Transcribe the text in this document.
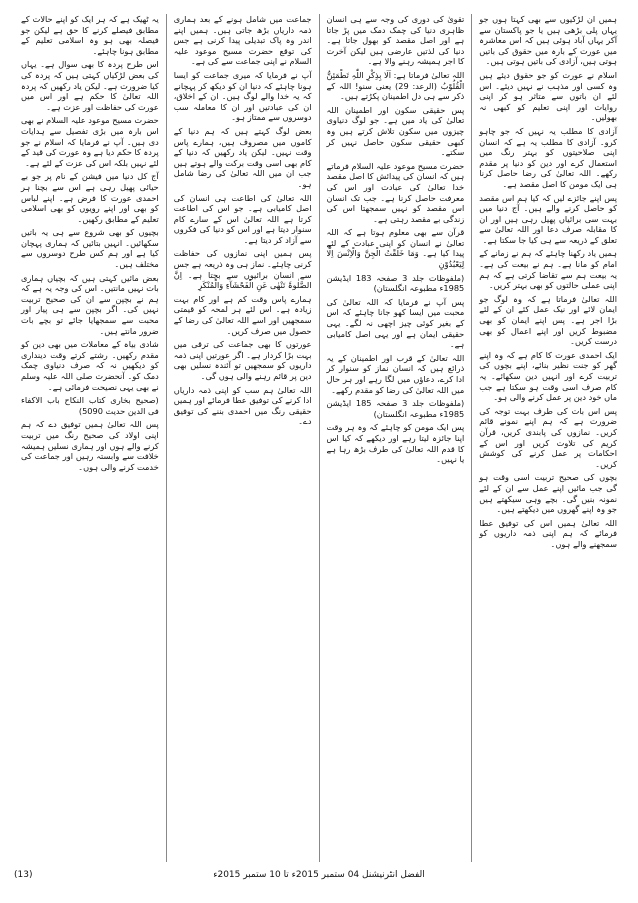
ہمیں ان لڑکیوں سے بھی کہتا ہوں جو یہاں پلی بڑھی ہیں یا جو پاکستان سے آکر یہاں آباد ہوئی ہیں کہ اس معاشرہ میں عورت کے بارہ میں حقوق کی باتیں ہوتی ہیں، آزادی کی باتیں ہوتی ہیں۔

اسلام نے عورت کو جو حقوق دیئے ہیں وہ کسی اور مذہب نے نہیں دیئے۔ اس لئے ان باتوں سے متاثر ہو کر اپنی روایات اور اپنی تعلیم کو کبھی نہ بھولیں۔

آزادی کا مطلب یہ نہیں کہ جو چاہو کرو۔ آزادی کا مطلب یہ ہے کہ انسان اپنی صلاحیتوں کو بہتر رنگ میں استعمال کرے اور دین کو دنیا پر مقدم رکھے۔ اللہ تعالیٰ کی رضا حاصل کرنا ہی ایک مومن کا اصل مقصد ہے۔

پس اپنے جائزے لیں کہ کیا ہم اس مقصد کو حاصل کرنے والے ہیں۔ آج دنیا میں بہت سی برائیاں پھیل رہی ہیں اور ان کا مقابلہ صرف دعا اور اللہ تعالیٰ سے تعلق کے ذریعہ سے ہی کیا جا سکتا ہے۔

ہمیں یاد رکھنا چاہئے کہ ہم نے زمانے کے امام کو مانا ہے۔ ہم نے بیعت کی ہے۔ یہ بیعت ہم سے تقاضا کرتی ہے کہ ہم اپنی عملی حالتوں کو بھی بہتر کریں۔

اللہ تعالیٰ فرماتا ہے کہ وہ لوگ جو ایمان لائے اور نیک عمل کئے ان کے لئے بڑا اجر ہے۔ پس اپنے ایمان کو بھی مضبوط کریں اور اپنے اعمال کو بھی درست کریں۔

ایک احمدی عورت کا کام ہے کہ وہ اپنے گھر کو جنت نظیر بنائے، اپنے بچوں کی تربیت کرے اور انہیں دین سکھائے۔ یہ کام صرف اسی وقت ہو سکتا ہے جب ماں خود دین پر عمل کرنے والی ہو۔

پس اس بات کی طرف بہت توجہ کی ضرورت ہے کہ ہم اپنے نمونے قائم کریں۔ نمازوں کی پابندی کریں، قرآن کریم کی تلاوت کریں اور اس کے احکامات پر عمل کرنے کی کوشش کریں۔

بچوں کی صحیح تربیت اسی وقت ہو گی جب مائیں اپنے عمل سے ان کے لئے نمونہ بنیں گی۔ بچے وہی سیکھتے ہیں جو وہ اپنے گھروں میں دیکھتے ہیں۔

اللہ تعالیٰ ہمیں اس کی توفیق عطا فرمائے کہ ہم اپنی ذمہ داریوں کو سمجھنے والے ہوں۔

تقویٰ کی دوری کی وجہ سے ہی انسان ظاہری دنیا کی چمک دمک میں پڑ جاتا ہے اور اصل مقصد کو بھول جاتا ہے۔ دنیا کی لذتیں عارضی ہیں لیکن آخرت کا اجر ہمیشہ رہنے والا ہے۔

اللہ تعالیٰ فرماتا ہے: اَلَا بِذِکْرِ اللّٰہِ تَطْمَئِنُّ الْقُلُوْبُ (الرعد: 29) یعنی سنو! اللہ کے ذکر سے ہی دل اطمینان پکڑتے ہیں۔

پس حقیقی سکون اور اطمینان اللہ تعالیٰ کی یاد میں ہے۔ جو لوگ دنیاوی چیزوں میں سکون تلاش کرتے ہیں وہ کبھی حقیقی سکون حاصل نہیں کر سکتے۔

حضرت مسیح موعود علیہ السلام فرماتے ہیں کہ انسان کی پیدائش کا اصل مقصد خدا تعالیٰ کی عبادت اور اس کی معرفت حاصل کرنا ہے۔ جب تک انسان اس مقصد کو نہیں سمجھتا اس کی زندگی بے مقصد رہتی ہے۔

قرآن سے بھی معلوم ہوتا ہے کہ اللہ تعالیٰ نے انسان کو اپنی عبادت کے لئے پیدا کیا ہے۔ وَمَا خَلَقْتُ الْجِنَّ وَالْاِنْسَ اِلَّا لِیَعْبُدُوْنِ

(ملفوظات جلد 3 صفحہ 183 ایڈیشن 1985ء مطبوعہ انگلستان)

پس آپ نے فرمایا کہ اللہ تعالیٰ کی محبت میں ایسا کھو جانا چاہئے کہ اس کے بغیر کوئی چیز اچھی نہ لگے۔ یہی حقیقی ایمان ہے اور یہی اصل کامیابی ہے۔

اللہ تعالیٰ کے قرب اور اطمینان کے یہ ذرائع ہیں کہ انسان نماز کو سنوار کر ادا کرے، دعاؤں میں لگا رہے اور ہر حال میں اللہ تعالیٰ کی رضا کو مقدم رکھے۔

(ملفوظات جلد 3 صفحہ 185 ایڈیشن 1985ء مطبوعہ انگلستان)

پس ایک مومن کو چاہئے کہ وہ ہر وقت اپنا جائزہ لیتا رہے اور دیکھے کہ کیا اس کا قدم اللہ تعالیٰ کی طرف بڑھ رہا ہے یا نہیں۔

جماعت میں شامل ہونے کے بعد ہماری ذمہ داریاں بڑھ جاتی ہیں۔ ہمیں اپنے اندر وہ پاک تبدیلی پیدا کرنی ہے جس کی توقع حضرت مسیح موعود علیہ السلام نے اپنی جماعت سے کی ہے۔

آپ نے فرمایا کہ میری جماعت کو ایسا ہونا چاہئے کہ دنیا ان کو دیکھ کر پہچانے کہ یہ خدا والے لوگ ہیں۔ ان کے اخلاق، ان کی عبادتیں اور ان کا معاملہ سب دوسروں سے ممتاز ہو۔

بعض لوگ کہتے ہیں کہ ہم دنیا کے کاموں میں مصروف ہیں، ہمارے پاس وقت نہیں۔ لیکن یاد رکھیں کہ دنیا کے کام بھی اسی وقت برکت والے ہوتے ہیں جب ان میں اللہ تعالیٰ کی رضا شامل ہو۔

اللہ تعالیٰ کی اطاعت ہی انسان کی اصل کامیابی ہے۔ جو اس کی اطاعت کرتا ہے اللہ تعالیٰ اس کے سارے کام سنوار دیتا ہے اور اس کو دنیا کی فکروں سے آزاد کر دیتا ہے۔

پس ہمیں اپنی نمازوں کی حفاظت کرنی چاہئے۔ نماز ہی وہ ذریعہ ہے جس سے انسان برائیوں سے بچتا ہے۔ اِنَّ الصَّلٰوۃَ تَنْھٰی عَنِ الْفَحْشَآءِ وَالْمُنْکَرِ

ہمارے پاس وقت کم ہے اور کام بہت زیادہ ہے۔ اس لئے ہر لمحہ کو قیمتی سمجھیں اور اسے اللہ تعالیٰ کی رضا کے حصول میں صرف کریں۔

عورتوں کا بھی جماعت کی ترقی میں بہت بڑا کردار ہے۔ اگر عورتیں اپنی ذمہ داریوں کو سمجھیں تو آئندہ نسلیں بھی دین پر قائم رہنے والی ہوں گی۔

اللہ تعالیٰ ہم سب کو اپنی ذمہ داریاں ادا کرنے کی توفیق عطا فرمائے اور ہمیں حقیقی رنگ میں احمدی بننے کی توفیق دے۔

یہ ٹھیک ہے کہ ہر ایک کو اپنے حالات کے مطابق فیصلے کرنے کا حق ہے لیکن جو فیصلہ بھی ہو وہ اسلامی تعلیم کے مطابق ہونا چاہئے۔

اس طرح پردہ کا بھی سوال ہے۔ یہاں کی بعض لڑکیاں کہتی ہیں کہ پردہ کی کیا ضرورت ہے۔ لیکن یاد رکھیں کہ پردہ اللہ تعالیٰ کا حکم ہے اور اس میں عورت کی حفاظت اور عزت ہے۔

حضرت مسیح موعود علیہ السلام نے بھی اس بارہ میں بڑی تفصیل سے ہدایات دی ہیں۔ آپ نے فرمایا کہ اسلام نے جو پردہ کا حکم دیا ہے وہ عورت کی قید کے لئے نہیں بلکہ اس کی عزت کے لئے ہے۔

آج کل دنیا میں فیشن کے نام پر جو بے حیائی پھیل رہی ہے اس سے بچنا ہر احمدی عورت کا فرض ہے۔ اپنے لباس کو بھی اور اپنے رویوں کو بھی اسلامی تعلیم کے مطابق رکھیں۔

بچیوں کو بھی شروع سے ہی یہ باتیں سکھائیں۔ انہیں بتائیں کہ ہماری پہچان کیا ہے اور ہم کس طرح دوسروں سے مختلف ہیں۔

بعض مائیں کہتی ہیں کہ بچیاں ہماری بات نہیں مانتیں۔ اس کی وجہ یہ ہے کہ ہم نے بچپن سے ان کی صحیح تربیت نہیں کی۔ اگر بچپن سے ہی پیار اور محبت سے سمجھایا جائے تو بچے بات ضرور مانتے ہیں۔

شادی بیاہ کے معاملات میں بھی دین کو مقدم رکھیں۔ رشتے کرتے وقت دینداری کو دیکھیں نہ کہ صرف دنیاوی چمک دمک کو۔ آنحضرت صلی اللہ علیہ وسلم نے بھی یہی نصیحت فرمائی ہے۔

(صحیح بخاری کتاب النکاح باب الاکفاء فی الدین حدیث 5090)

پس اللہ تعالیٰ ہمیں توفیق دے کہ ہم اپنی اولاد کی صحیح رنگ میں تربیت کرنے والے ہوں اور ہماری نسلیں ہمیشہ خلافت سے وابستہ رہیں اور جماعت کی خدمت کرنے والی ہوں۔

الفضل انٹرنیشنل 04 ستمبر 2015ء تا 10 ستمبر 2015ء
(13)
